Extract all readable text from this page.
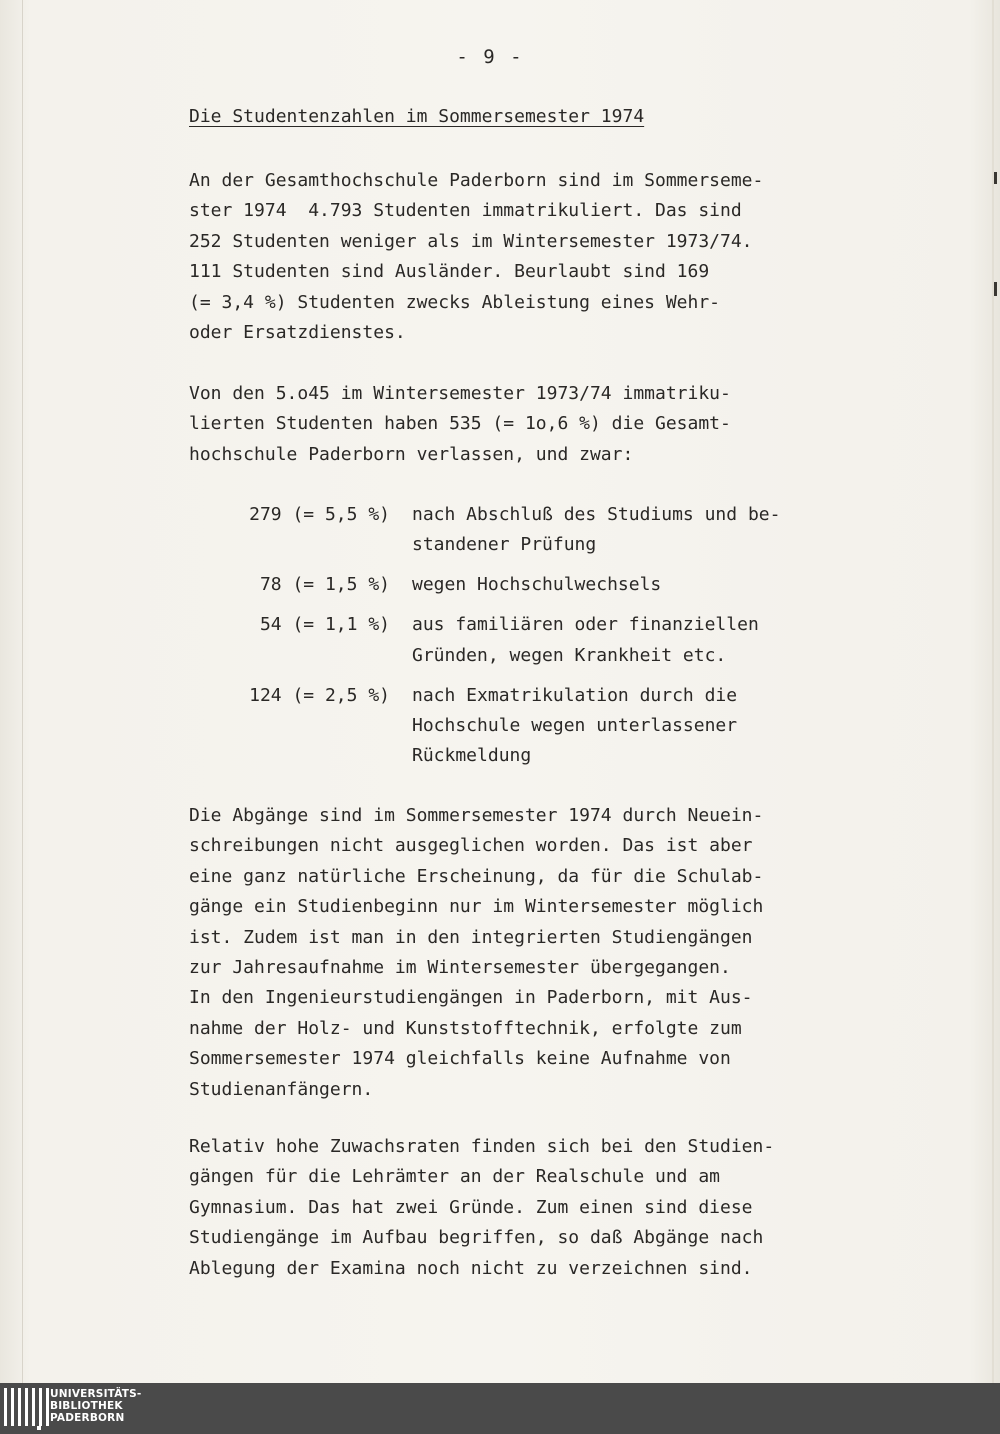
- 9 -
Die Studentenzahlen im Sommersemester 1974

An der Gesamthochschule Paderborn sind im Sommerseme-
ster 1974  4.793 Studenten immatrikuliert. Das sind
252 Studenten weniger als im Wintersemester 1973/74.
111 Studenten sind Ausländer. Beurlaubt sind 169
(= 3,4 %) Studenten zwecks Ableistung eines Wehr-
oder Ersatzdienstes.

Von den 5.o45 im Wintersemester 1973/74 immatriku-
lierten Studenten haben 535 (= 1o,6 %) die Gesamt-
hochschule Paderborn verlassen, und zwar:

279 (= 5,5 %)	nach Abschluß des Studiums und be-
standener Prüfung
78 (= 1,5 %)	wegen Hochschulwechsels
54 (= 1,1 %)	aus familiären oder finanziellen
Gründen, wegen Krankheit etc.
124 (= 2,5 %)	nach Exmatrikulation durch die
Hochschule wegen unterlassener
Rückmeldung

Die Abgänge sind im Sommersemester 1974 durch Neuein-
schreibungen nicht ausgeglichen worden. Das ist aber
eine ganz natürliche Erscheinung, da für die Schulab-
gänge ein Studienbeginn nur im Wintersemester möglich
ist. Zudem ist man in den integrierten Studiengängen
zur Jahresaufnahme im Wintersemester übergegangen.
In den Ingenieurstudiengängen in Paderborn, mit Aus-
nahme der Holz- und Kunststofftechnik, erfolgte zum
Sommersemester 1974 gleichfalls keine Aufnahme von
Studienanfängern.

Relativ hohe Zuwachsraten finden sich bei den Studien-
gängen für die Lehrämter an der Realschule und am
Gymnasium. Das hat zwei Gründe. Zum einen sind diese
Studiengänge im Aufbau begriffen, so daß Abgänge nach
Ablegung der Examina noch nicht zu verzeichnen sind.

UNIVERSITÄTS-
BIBLIOTHEK
PADERBORN
